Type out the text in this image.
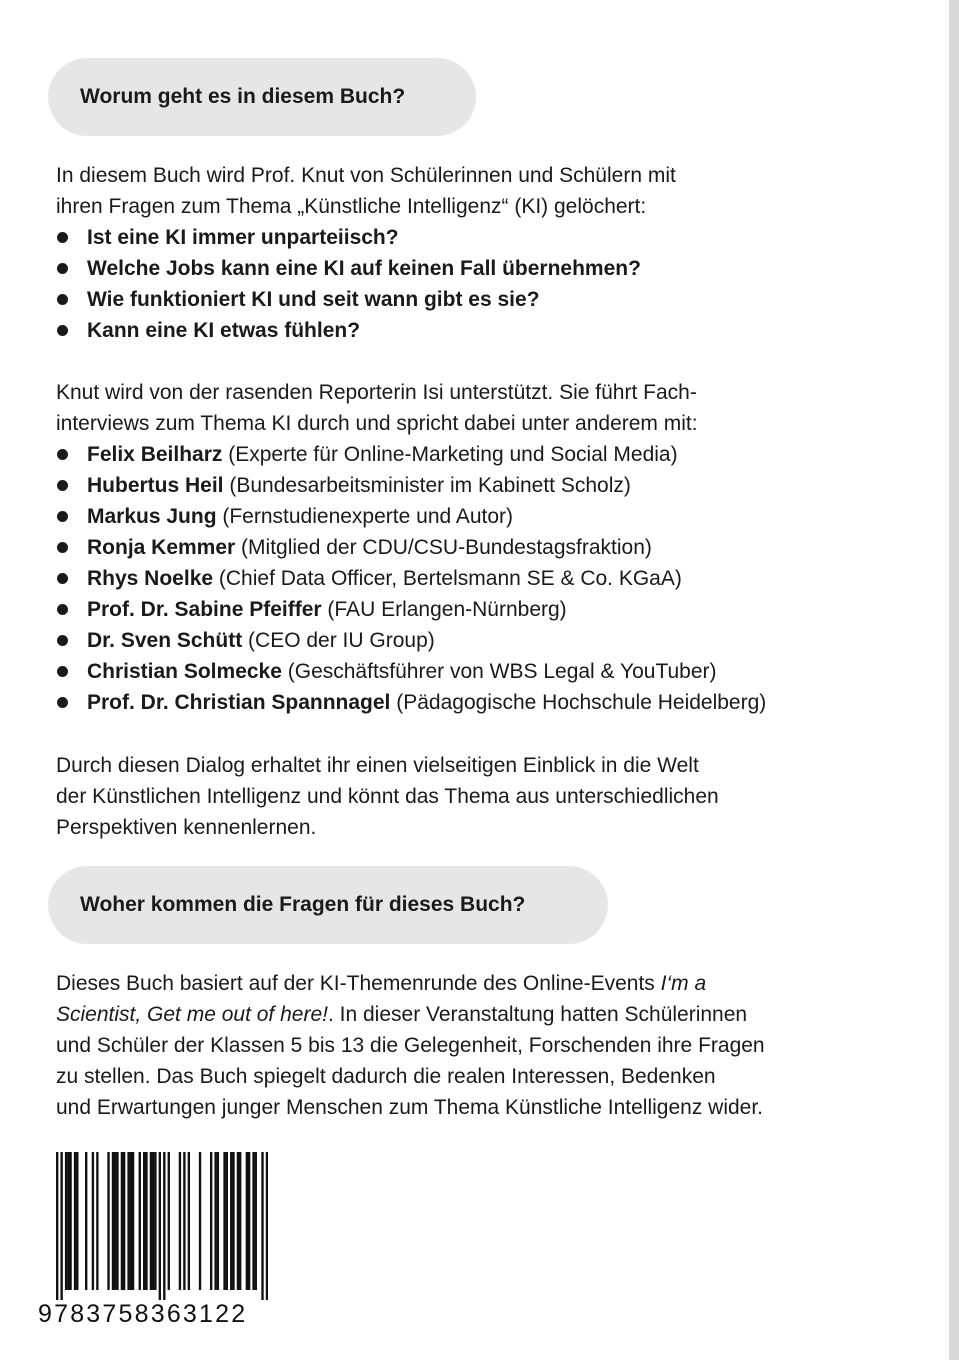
Worum geht es in diesem Buch?

In diesem Buch wird Prof. Knut von Schülerinnen und Schülern mit
ihren Fragen zum Thema „Künstliche Intelligenz“ (KI) gelöchert:

Ist eine KI immer unparteiisch?
Welche Jobs kann eine KI auf keinen Fall übernehmen?
Wie funktioniert KI und seit wann gibt es sie?
Kann eine KI etwas fühlen?

Knut wird von der rasenden Reporterin Isi unterstützt. Sie führt Fach-
interviews zum Thema KI durch und spricht dabei unter anderem mit:

Felix Beilharz (Experte für Online-Marketing und Social Media)
Hubertus Heil (Bundesarbeitsminister im Kabinett Scholz)
Markus Jung (Fernstudienexperte und Autor)
Ronja Kemmer (Mitglied der CDU/CSU-Bundestagsfraktion)
Rhys Noelke (Chief Data Officer, Bertelsmann SE & Co. KGaA)
Prof. Dr. Sabine Pfeiffer (FAU Erlangen-Nürnberg)
Dr. Sven Schütt (CEO der IU Group)
Christian Solmecke (Geschäftsführer von WBS Legal & YouTuber)
Prof. Dr. Christian Spannnagel (Pädagogische Hochschule Heidelberg)

Durch diesen Dialog erhaltet ihr einen vielseitigen Einblick in die Welt
der Künstlichen Intelligenz und könnt das Thema aus unterschiedlichen
Perspektiven kennenlernen.

Woher kommen die Fragen für dieses Buch?

Dieses Buch basiert auf der KI-Themenrunde des Online-Events I‘m a
Scientist, Get me out of here!. In dieser Veranstaltung hatten Schülerinnen
und Schüler der Klassen 5 bis 13 die Gelegenheit, Forschenden ihre Fragen
zu stellen. Das Buch spiegelt dadurch die realen Interessen, Bedenken
und Erwartungen junger Menschen zum Thema Künstliche Intelligenz wider.

9783758363122
